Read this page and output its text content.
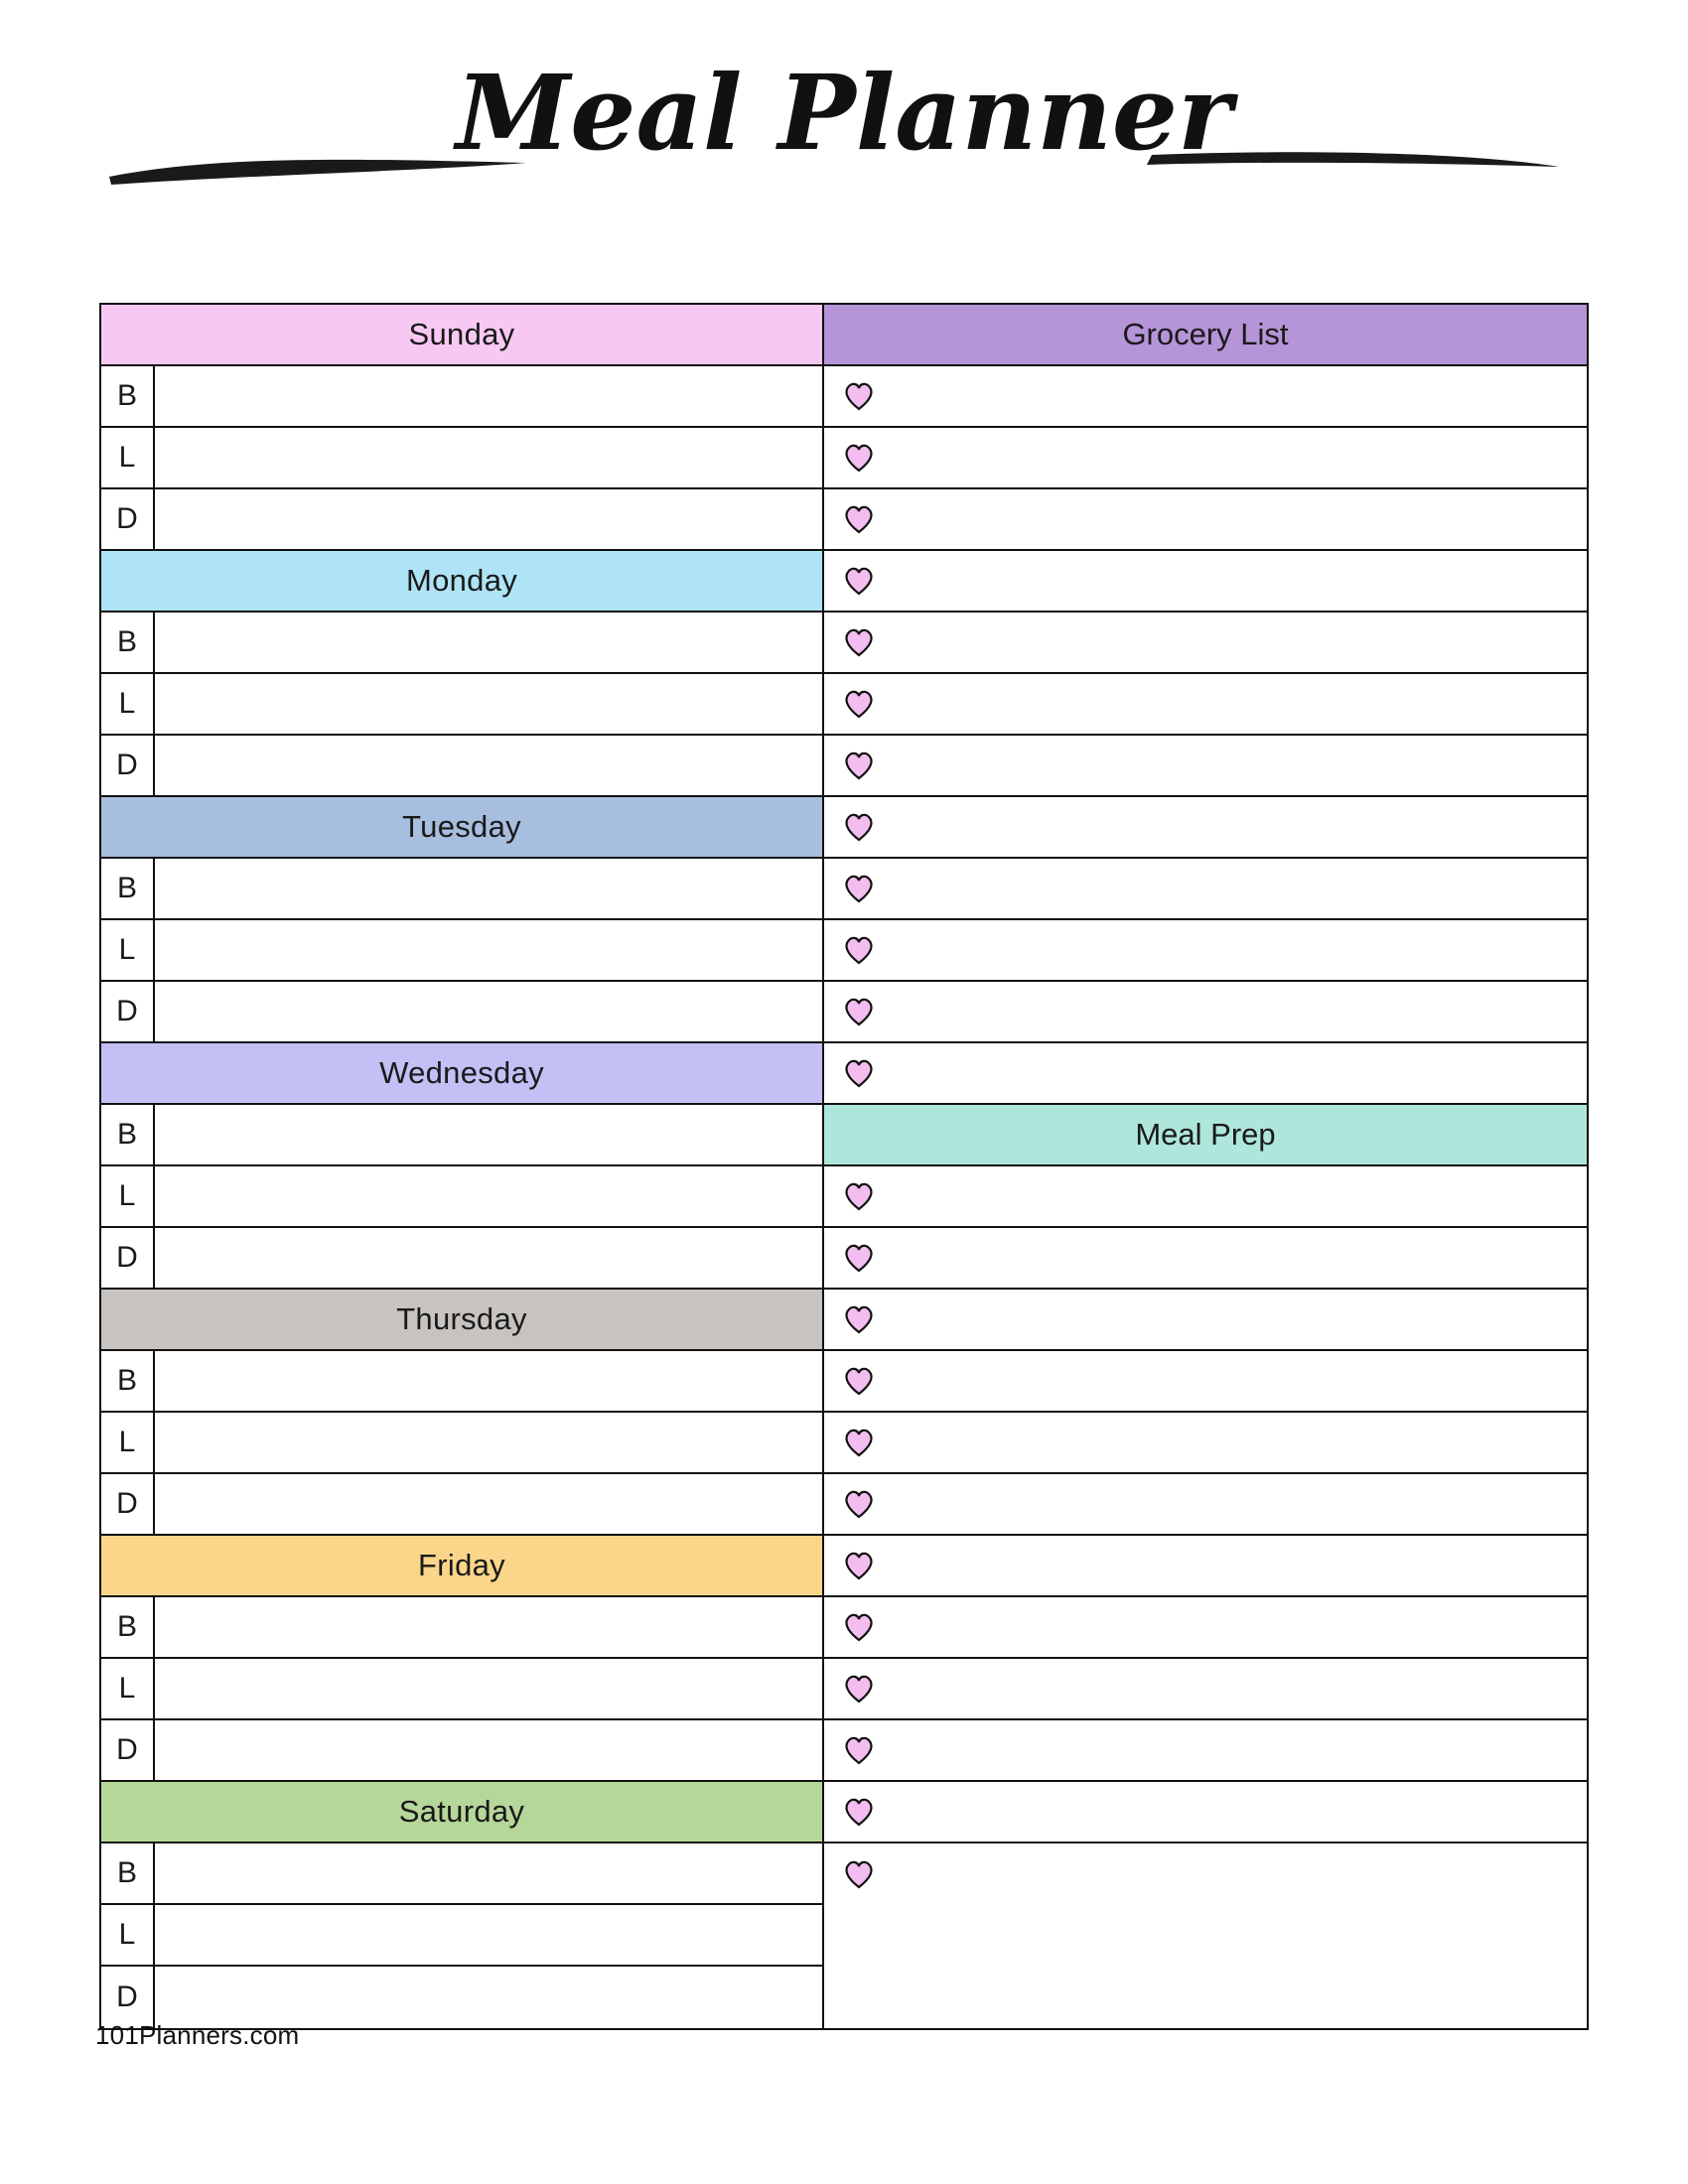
Meal Planner
Sunday
B
L
D
Monday
B
L
D
Tuesday
B
L
D
Wednesday
B
L
D
Thursday
B
L
D
Friday
B
L
D
Saturday
B
L
D
Grocery List
Meal Prep
101Planners.com
